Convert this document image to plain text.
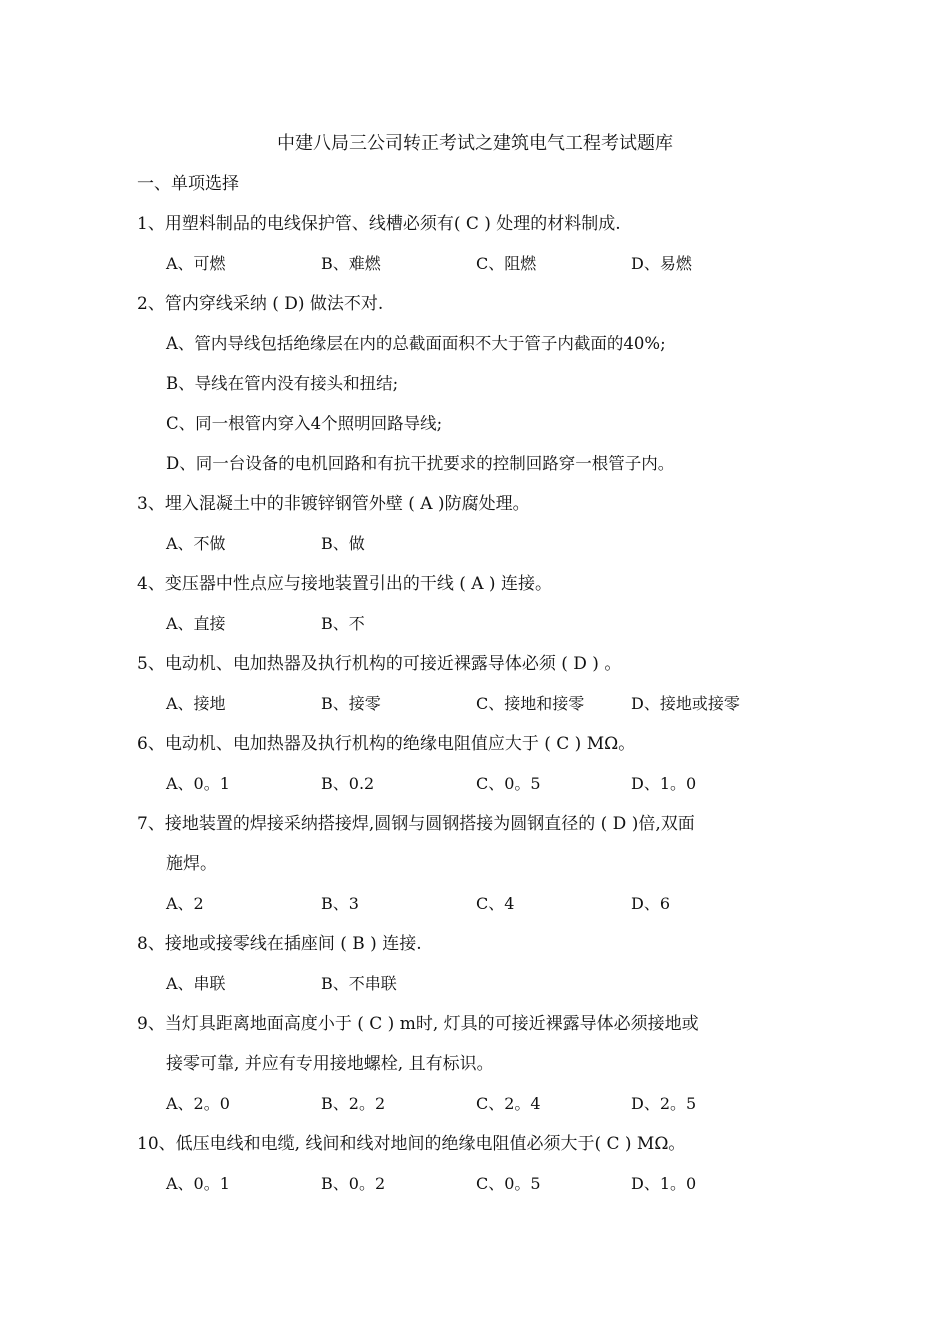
中建八局三公司转正考试之建筑电气工程考试题库
一、单项选择
1、用塑料制品的电线保护管、线槽必须有( C ) 处理的材料制成.
A、可燃	B、难燃	C、阻燃	D、易燃
2、管内穿线采纳 ( D) 做法不对.
A、管内导线包括绝缘层在内的总截面面积不大于管子内截面的40%;
B、导线在管内没有接头和扭结;
C、同一根管内穿入4个照明回路导线;
D、同一台设备的电机回路和有抗干扰要求的控制回路穿一根管子内。
3、埋入混凝土中的非镀锌钢管外壁 ( A )防腐处理。
A、不做	B、做
4、变压器中性点应与接地装置引出的干线 ( A ) 连接。
A、直接	B、不
5、电动机、电加热器及执行机构的可接近裸露导体必须 ( D ) 。
A、接地	B、接零	C、接地和接零	D、接地或接零
6、电动机、电加热器及执行机构的绝缘电阻值应大于 ( C ) MΩ。
A、0。1	B、0.2	C、0。5	D、1。0
7、接地装置的焊接采纳搭接焊,圆钢与圆钢搭接为圆钢直径的 ( D )倍,双面
施焊。
A、2	B、3	C、4	D、6
8、接地或接零线在插座间 ( B ) 连接.
A、串联	B、不串联
9、当灯具距离地面高度小于 ( C ) m时, 灯具的可接近裸露导体必须接地或
接零可靠, 并应有专用接地螺栓, 且有标识。
A、2。0	B、2。2	C、2。4	D、2。5
10、低压电线和电缆, 线间和线对地间的绝缘电阻值必须大于( C ) MΩ。
A、0。1	B、0。2	C、0。5	D、1。0
